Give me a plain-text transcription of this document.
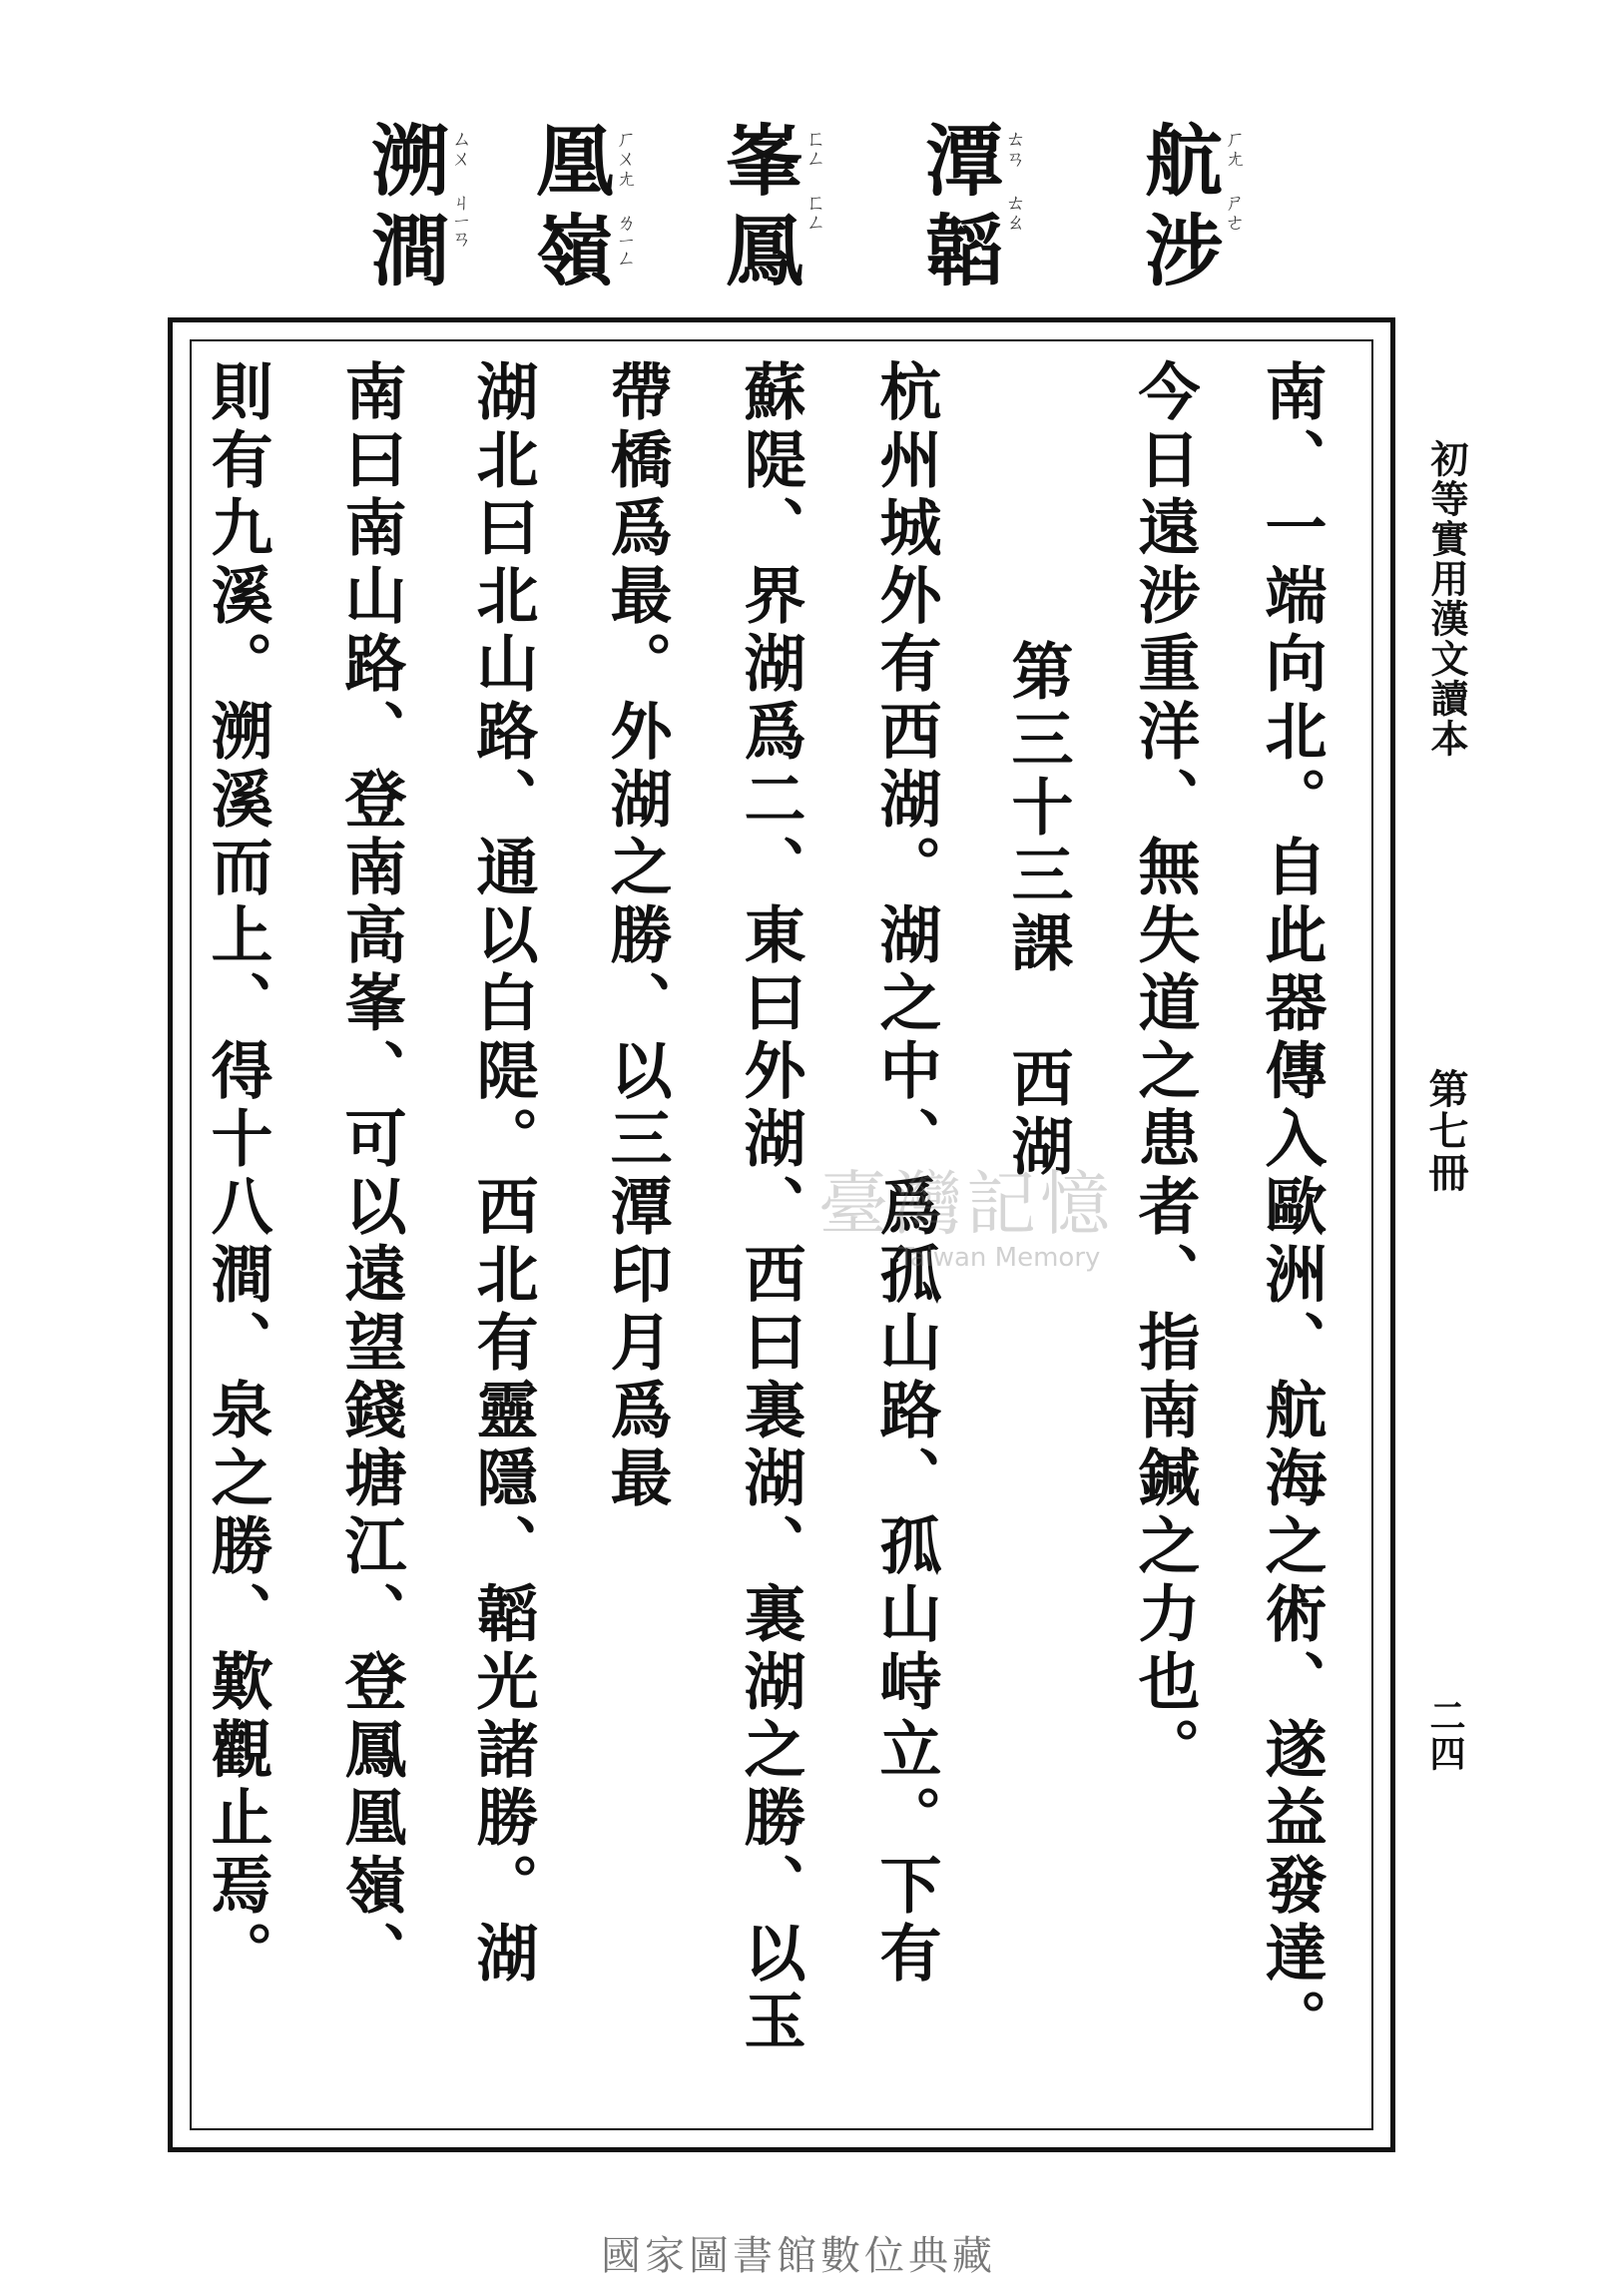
航涉 ㄏㄤ ㄕㄜ
潭韜 ㄊㄢ ㄊㄠ
峯鳳 ㄈㄥ ㄈㄥ
凰嶺 ㄏㄨㄤ ㄌㄧㄥ
溯澗 ㄙㄨ ㄐㄧㄢ
南、一端向北。自此器傳入歐洲、航海之術、遂益發達。
今日遠涉重洋、無失道之患者、指南鍼之力也。
第三十三課　西湖
杭州城外有西湖。湖之中、爲孤山路、孤山峙立。下有
蘇隄、界湖爲二、東曰外湖、西曰裏湖、裏湖之勝、以玉
帶橋爲最。外湖之勝、以三潭印月爲最
湖北曰北山路、通以白隄。西北有靈隱、韜光諸勝。湖
南曰南山路、登南高峯、可以遠望錢塘江、登鳳凰嶺、
則有九溪。溯溪而上、得十八澗、泉之勝、歎觀止焉。	初等實用漢文讀本
第七冊
二四
臺灣記憶
Taiwan Memory
國家圖書館數位典藏
